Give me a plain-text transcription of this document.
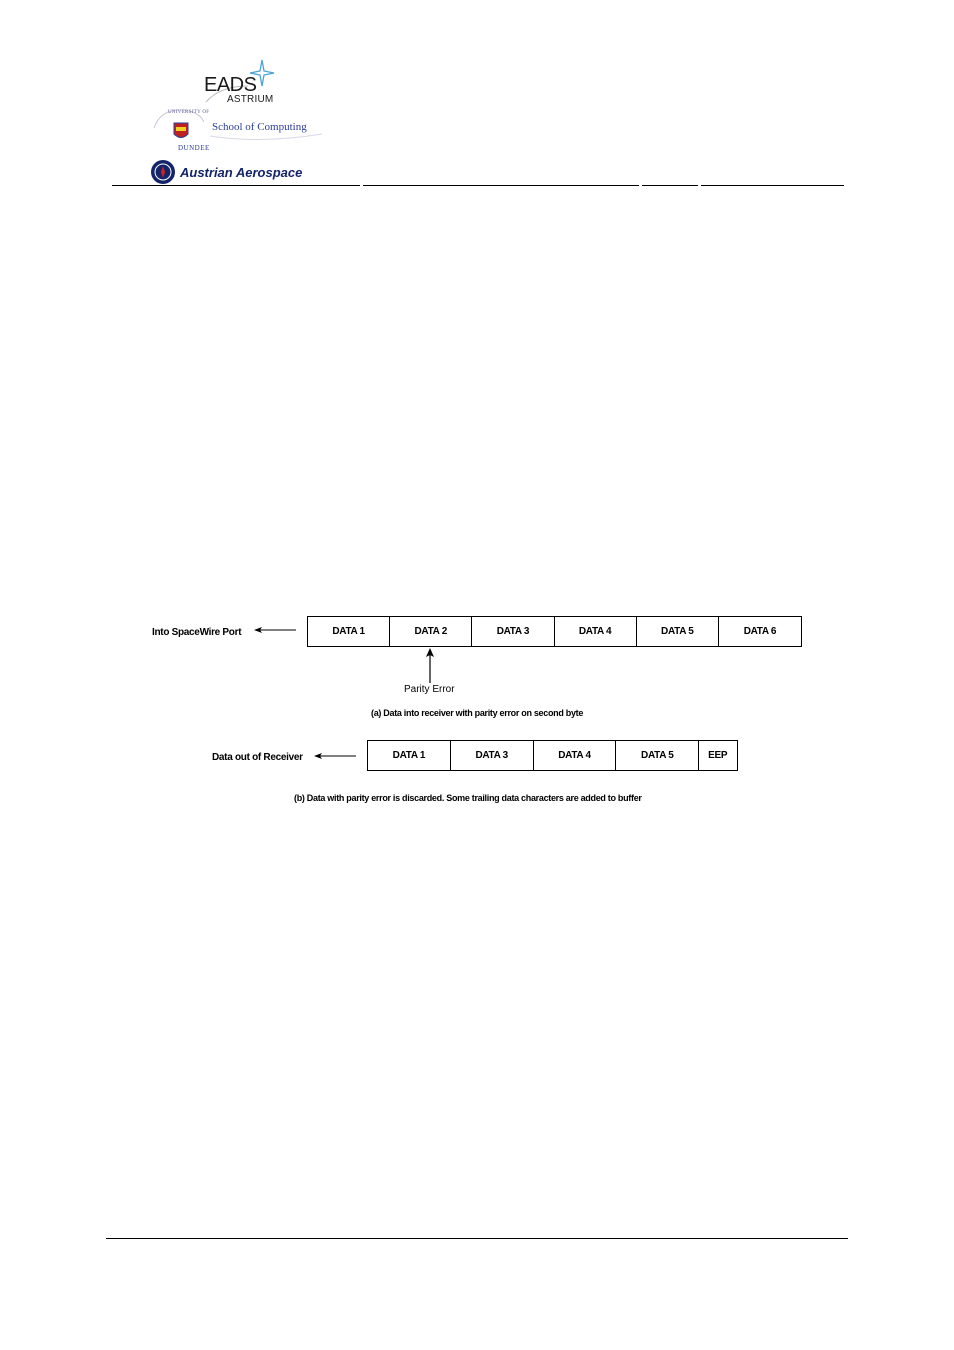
EADS
ASTRIUM
UNIVERSITY OF
School of Computing
DUNDEE
Austrian Aerospace
Into SpaceWire Port	DATA 1	DATA 2	DATA 3	DATA 4	DATA 5	DATA 6
Parity Error
(a) Data into receiver with parity error on second byte
Data out of Receiver	DATA 1	DATA 3	DATA 4	DATA 5	EEP
(b) Data with parity error is discarded. Some trailing data characters are added to buffer
